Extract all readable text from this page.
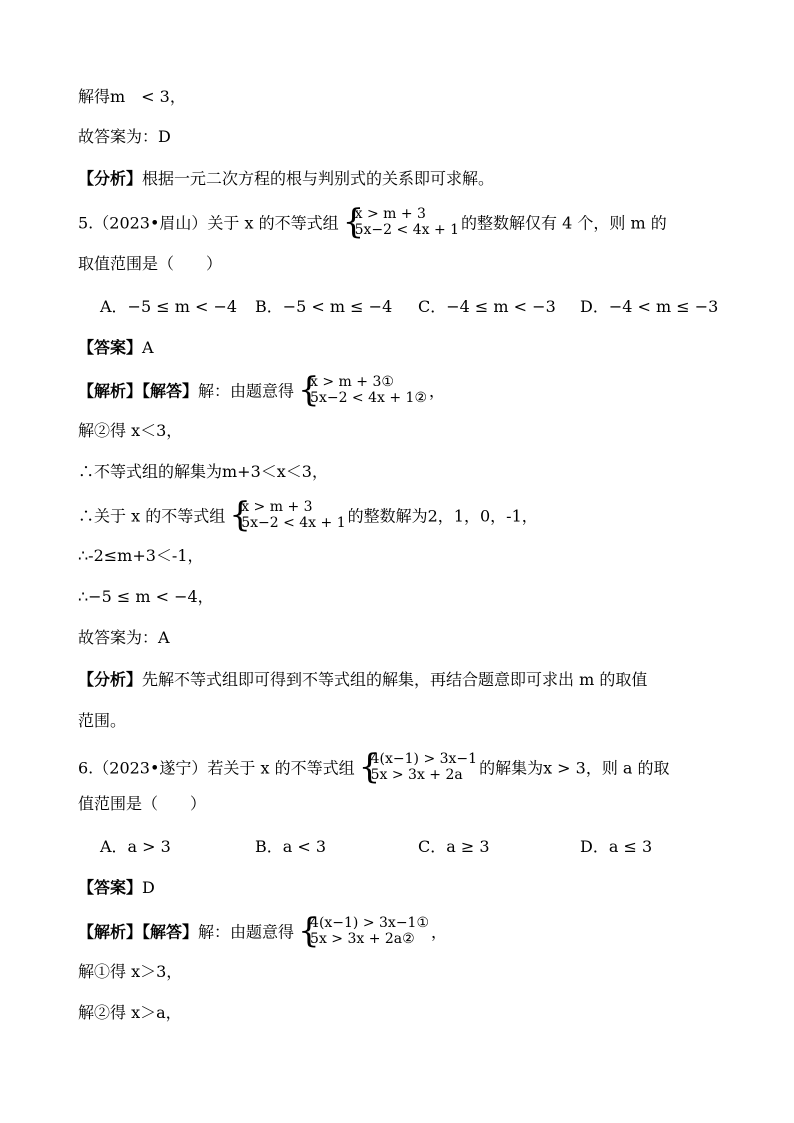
解得m　< 3，
故答案为：D
【分析】根据一元二次方程的根与判别式的关系即可求解。
5.（2023•眉山）关于 x 的不等式组 {
x > m + 3
5x−2 < 4x + 1 的整数解仅有 4 个，则 m 的
取值范围是（　　）
A．−5 ≤ m < −4 B．−5 < m ≤ −4 C．−4 ≤ m < −3 D．−4 < m ≤ −3
【答案】A
【解析】【解答】解：由题意得 {
x > m + 3①
5x−2 < 4x + 1② ，
解②得 x＜3，
∴不等式组的解集为m+3＜x＜3，
∴关于 x 的不等式组 {
x > m + 3
5x−2 < 4x + 1 的整数解为2，1，0，-1，
∴-2≤m+3＜-1，
∴−5 ≤ m < −4，
故答案为：A
【分析】先解不等式组即可得到不等式组的解集，再结合题意即可求出 m 的取值
范围。
6.（2023•遂宁）若关于 x 的不等式组 {
4(x−1) > 3x−1
5x > 3x + 2a	的解集为x > 3，则 a 的取
值范围是（　　）
A．a > 3	B．a < 3	C．a ≥ 3	D．a ≤ 3
【答案】D
【解析】【解答】解：由题意得 {
4(x−1) > 3x−1①
5x > 3x + 2a②	，
解①得 x＞3，
解②得 x＞a，
